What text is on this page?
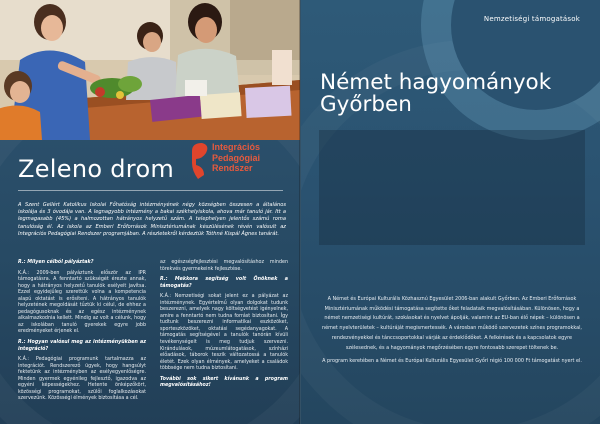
Zeleno drom
Integrációs
Pedagógiai
Rendszer
A Szent Gellért Katolikus Iskolai Főhatóság intézményének négy községben összesen a általános iskolája és 3 óvodája van. A legnagyobb intézmény a bakai székhelyiskola, ahova már tanuló jár. Itt a legmagasabb (45%) a halmozottan hátrányos helyzetű szám. A telephelyen jelentős számú roma tanulóság él. Az iskola az Emberi Erőforrások Minisztériumának készülésének révén valósult az Integrációs Pedagógiai Rendszer programjában. A részletekről kérdeztük Tóthné Kispál Ágnes tanárát.

R.: Milyen célból pályáztak?

K.Á.: 2009-ben pályáztunk először az IPR támogatásra. A fenntartó szükségét érezte annak, hogy a hátrányos helyzetű tanulók esélyeit javítsa. Ezzel egyidejűleg szerettük volna a kompetencia alapú oktatást is erősíteni. A hátrányos tanulók helyzetének megoldását tűztük ki célul, de ehhez a pedagógusoknak és az egész intézménynek alkalmazkodnia kellett. Mindig az volt a célunk, hogy az iskolában tanuló gyerekek egyre jobb eredményeket érjenek el.

R.: Hogyan valósul meg az intézményükben az integráció?

K.Á.: Pedagógiai programunk tartalmazza az integrációt. Rendszerező ügyek, hogy hangsúlyt fektetünk az intézményben az esélyegyenlőségre. Minden gyermek egyénileg fejlesztő, igazodva az egyéni képességekhez. Hetente önképzőkört, közösségi programokat, szülői foglalkozásokat szervezünk. Közösségi élmények biztosítása a cél.

az egészségfejlesztési megvalósításhoz minden törekvés gyermekeink fejlesztése.

R.: Mekkora segítség volt Önöknek a támogatás?

K.Á.: Nemzetiségi sokat jelent ez a pályázat az intézménynek. Egyértelmű olyan dolgokat tudunk beszerezni, amelyek nagy költségvetést igényelnek, amire a fenntartó nem tudna forrást biztosítani. Így tudtunk beszerezni informatikai eszközöket, sporteszközöket, oktatási segédanyagokat. A támogatás segítségével a tanulók tanórán kívüli tevékenységeit is meg tudjuk szervezni. Kirándulások, múzeumlátogatások, színházi előadások, táborok teszik változatossá a tanulók életét. Ezek olyan élmények, amelyeket a családok többsége nem tudna biztosítani.

További sok sikert kívánunk a program megvalósításához!

Nemzetiségi támogatások
Német hagyományok Győrben

A Német és Európai Kulturális Közhasznú Egyesület 2006-ban alakult Győrben. Az Emberi Erőforrások Minisztériumának működési támogatása segítette őket feladataik megvalósításában. Különösen, hogy a német nemzetiségi kultúrát, szokásokat és nyelvet ápolják, valamint az EU-ban élő népek – különösen a német nyelvterületek – kultúráját megismertessék. A városban működő szervezetek színes programokkal, rendezvényekkel és tánccsoportokkal várják az érdeklődőket. A felkérések és a kapcsolatok egyre szélesednek, és a hagyományok megőrzésében egyre fontosabb szerepet töltenek be.

A program keretében a Német és Európai Kulturális Egyesület Győri régió 100 000 Ft támogatást nyert el.
